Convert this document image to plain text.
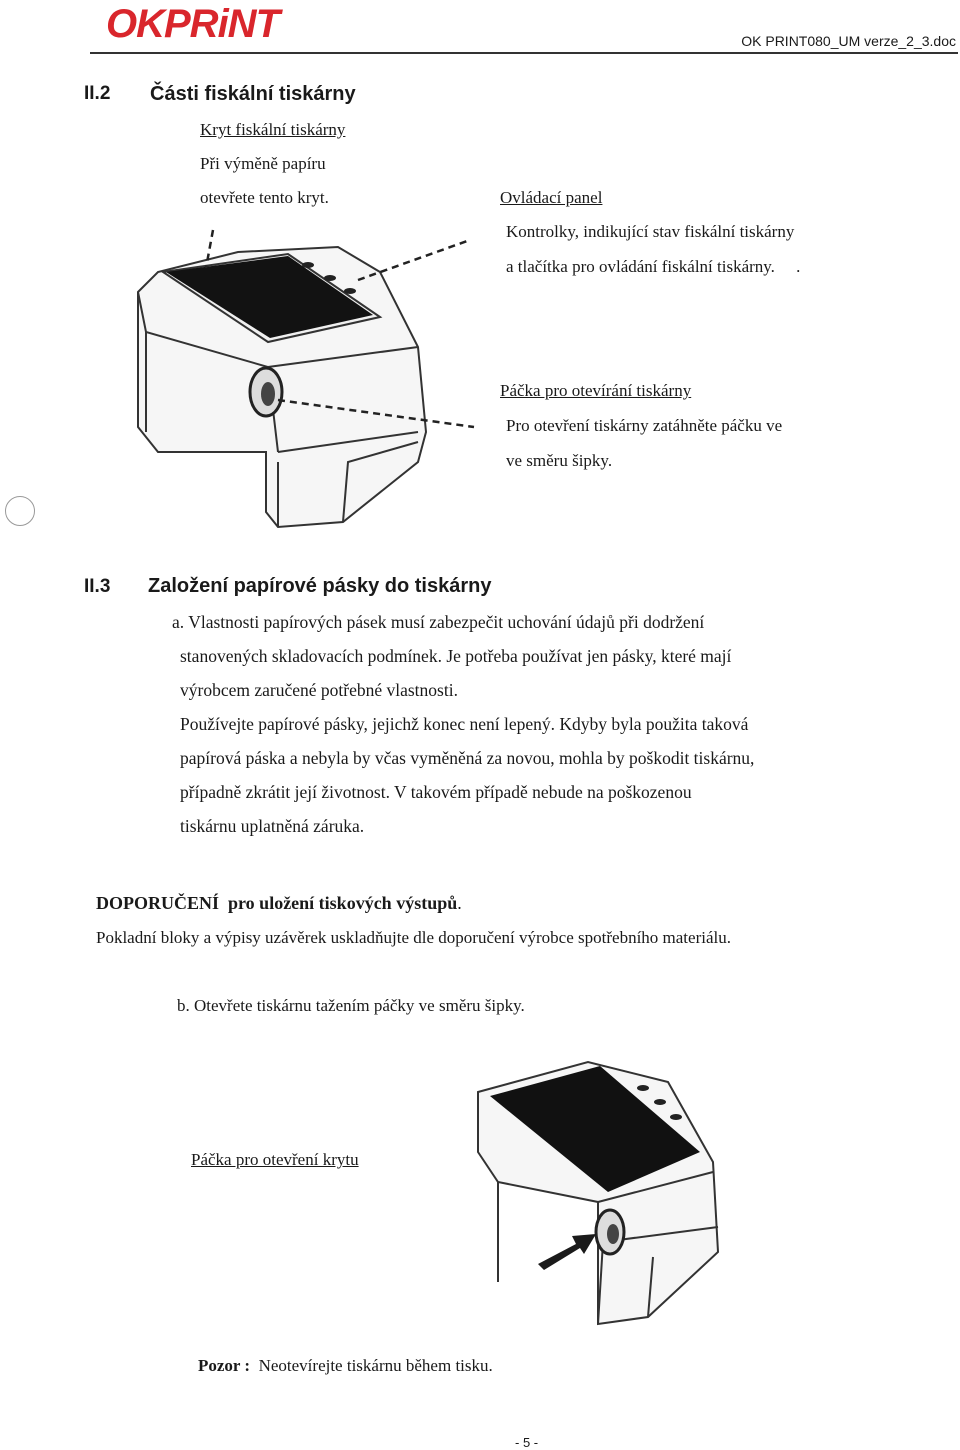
OKPRiNT	OK PRINT080_UM verze_2_3.doc
II.2 Části fiskální tiskárny
Kryt fiskální tiskárny
Při výměně papíru
otevřete tento kryt.	Ovládací panel
Kontrolky, indikující stav fiskální tiskárny
a tlačítka pro ovládání fiskální tiskárny.     .
Páčka pro otevírání tiskárny
Pro otevření tiskárny zatáhněte páčku ve
ve směru šipky.
II.3 Založení papírové pásky do tiskárny
a. Vlastnosti papírových pásek musí zabezpečit uchování údajů při dodržení
stanovených skladovacích podmínek. Je potřeba používat jen pásky, které mají
výrobcem zaručené potřebné vlastnosti.
Používejte papírové pásky, jejichž konec není lepený. Kdyby byla použita taková
papírová páska a nebyla by včas vyměněná za novou, mohla by poškodit tiskárnu,
případně zkrátit její životnost. V takovém případě nebude na poškozenou
tiskárnu uplatněná záruka.
DOPORUČENÍ  pro uložení tiskových výstupů.
Pokladní bloky a výpisy uzávěrek uskladňujte dle doporučení výrobce spotřebního materiálu.
b. Otevřete tiskárnu tažením páčky ve směru šipky.
Páčka pro otevření krytu
Pozor : Neotevírejte tiskárnu během tisku.
- 5 -
